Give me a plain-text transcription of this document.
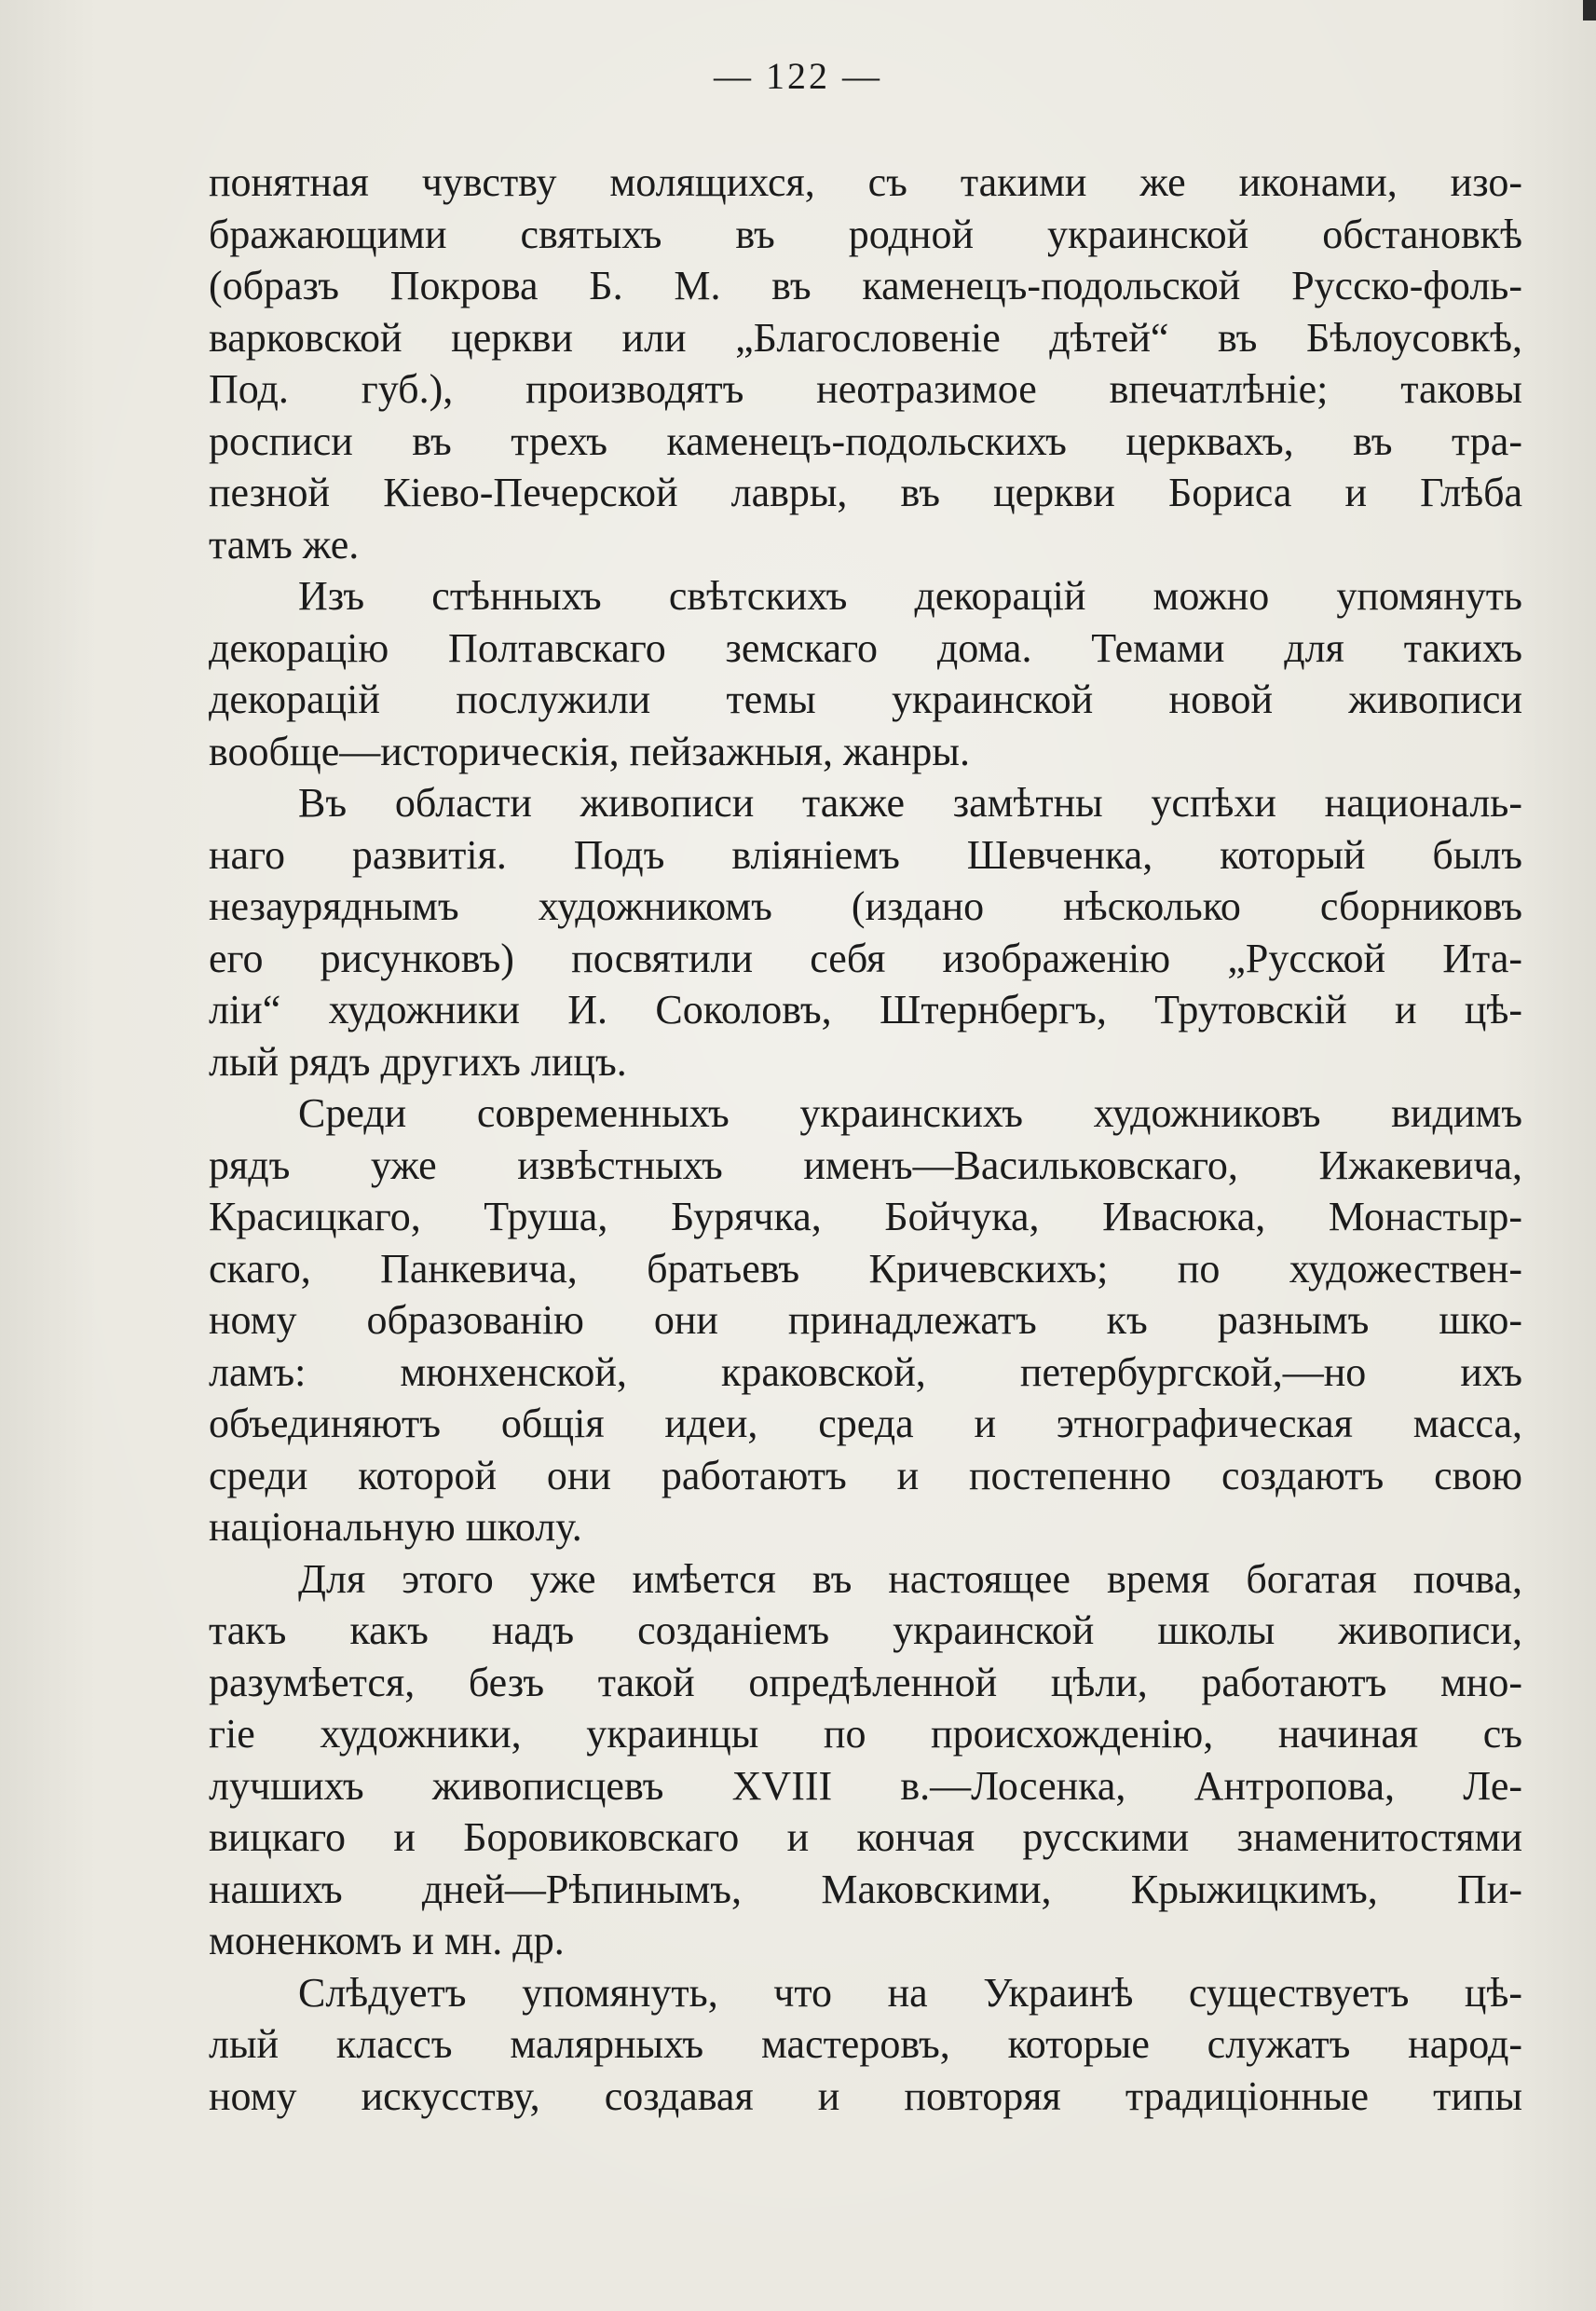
— 122 —
понятная чувству молящихся, съ такими же иконами, изо-
бражающими святыхъ въ родной украинской обстановкѣ
(образъ Покрова Б. М. въ каменецъ-подольской Русско-фоль-
варковской церкви или „Благословеніе дѣтей“ въ Бѣлоусовкѣ,
Под. губ.), производятъ неотразимое впечатлѣніе; таковы
росписи въ трехъ каменецъ-подольскихъ церквахъ, въ тра-
пезной Кіево-Печерской лавры, въ церкви Бориса и Глѣба
тамъ же.
Изъ стѣнныхъ свѣтскихъ декорацій можно упомянуть
декорацію Полтавскаго земскаго дома. Темами для такихъ
декорацій послужили темы украинской новой живописи
вообще—историческія, пейзажныя, жанры.
Въ области живописи также замѣтны успѣхи националь-
наго развитія. Подъ вліяніемъ Шевченка, который былъ
незауряднымъ художникомъ (издано нѣсколько сборниковъ
его рисунковъ) посвятили себя изображенію „Русской Ита-
ліи“ художники И. Соколовъ, Штернбергъ, Трутовскій и цѣ-
лый рядъ другихъ лицъ.
Среди современныхъ украинскихъ художниковъ видимъ
рядъ уже извѣстныхъ именъ—Васильковскаго, Ижакевича,
Красицкаго, Труша, Бурячка, Бойчука, Ивасюка, Монастыр-
скаго, Панкевича, братьевъ Кричевскихъ; по художествен-
ному образованію они принадлежатъ къ разнымъ шко-
ламъ: мюнхенской, краковской, петербургской,—но ихъ
объединяютъ общія идеи, среда и этнографическая масса,
среди которой они работаютъ и постепенно создаютъ свою
національную школу.
Для этого уже имѣется въ настоящее время богатая почва,
такъ какъ надъ созданіемъ украинской школы живописи,
разумѣется, безъ такой опредѣленной цѣли, работаютъ мно-
гіе художники, украинцы по происхожденію, начиная съ
лучшихъ живописцевъ XVIII в.—Лосенка, Антропова, Ле-
вицкаго и Боровиковскаго и кончая русскими знаменитостями
нашихъ дней—Рѣпинымъ, Маковскими, Крыжицкимъ, Пи-
моненкомъ и мн. др.
Слѣдуетъ упомянуть, что на Украинѣ существуетъ цѣ-
лый классъ малярныхъ мастеровъ, которые служатъ народ-
ному искусству, создавая и повторяя традиціонные типы
